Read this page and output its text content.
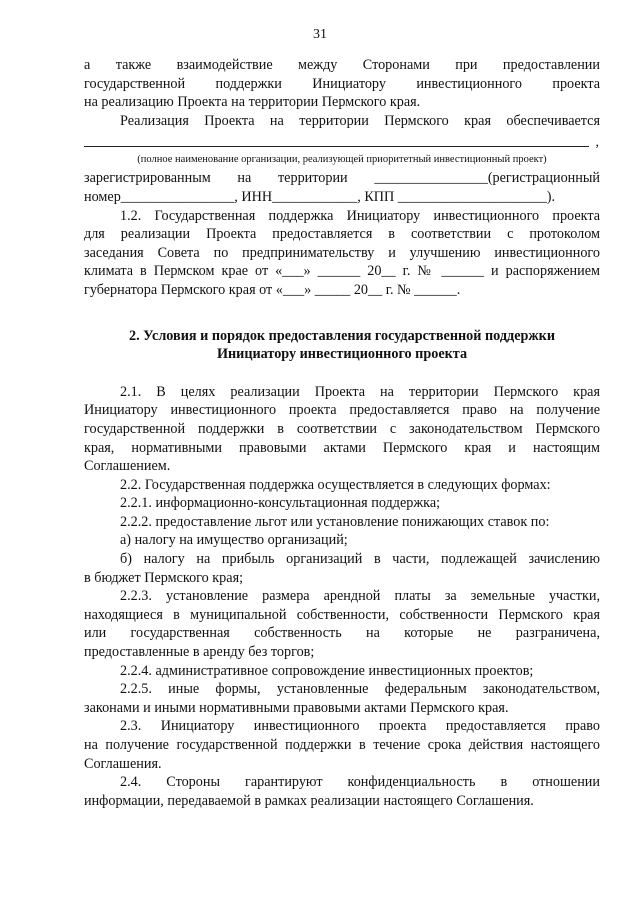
31
а также взаимодействие между Сторонами при предоставлении
государственной поддержки Инициатору инвестиционного проекта
на реализацию Проекта на территории Пермского края.
Реализация Проекта на территории Пермского края обеспечивается
,
(полное наименование организации, реализующей приоритетный инвестиционный проект)
зарегистрированным на территории ________________(регистрационный
номер________________, ИНН____________, КПП _____________________).
1.2. Государственная поддержка Инициатору инвестиционного проекта
для реализации Проекта предоставляется в соответствии с протоколом
заседания Совета по предпринимательству и улучшению инвестиционного
климата в Пермском крае от «___» ______ 20__ г. № ______ и распоряжением
губернатора Пермского края от «___» _____ 20__ г. № ______.
2. Условия и порядок предоставления государственной поддержки
Инициатору инвестиционного проекта
2.1. В целях реализации Проекта на территории Пермского края
Инициатору инвестиционного проекта предоставляется право на получение
государственной поддержки в соответствии с законодательством Пермского
края, нормативными правовыми актами Пермского края и настоящим
Соглашением.
2.2. Государственная поддержка осуществляется в следующих формах:
2.2.1. информационно-консультационная поддержка;
2.2.2. предоставление льгот или установление понижающих ставок по:
а) налогу на имущество организаций;
б) налогу на прибыль организаций в части, подлежащей зачислению
в бюджет Пермского края;
2.2.3. установление размера арендной платы за земельные участки,
находящиеся в муниципальной собственности, собственности Пермского края
или государственная собственность на которые не разграничена,
предоставленные в аренду без торгов;
2.2.4. административное сопровождение инвестиционных проектов;
2.2.5. иные формы, установленные федеральным законодательством,
законами и иными нормативными правовыми актами Пермского края.
2.3. Инициатору инвестиционного проекта предоставляется право
на получение государственной поддержки в течение срока действия настоящего
Соглашения.
2.4. Стороны гарантируют конфиденциальность в отношении
информации, передаваемой в рамках реализации настоящего Соглашения.
